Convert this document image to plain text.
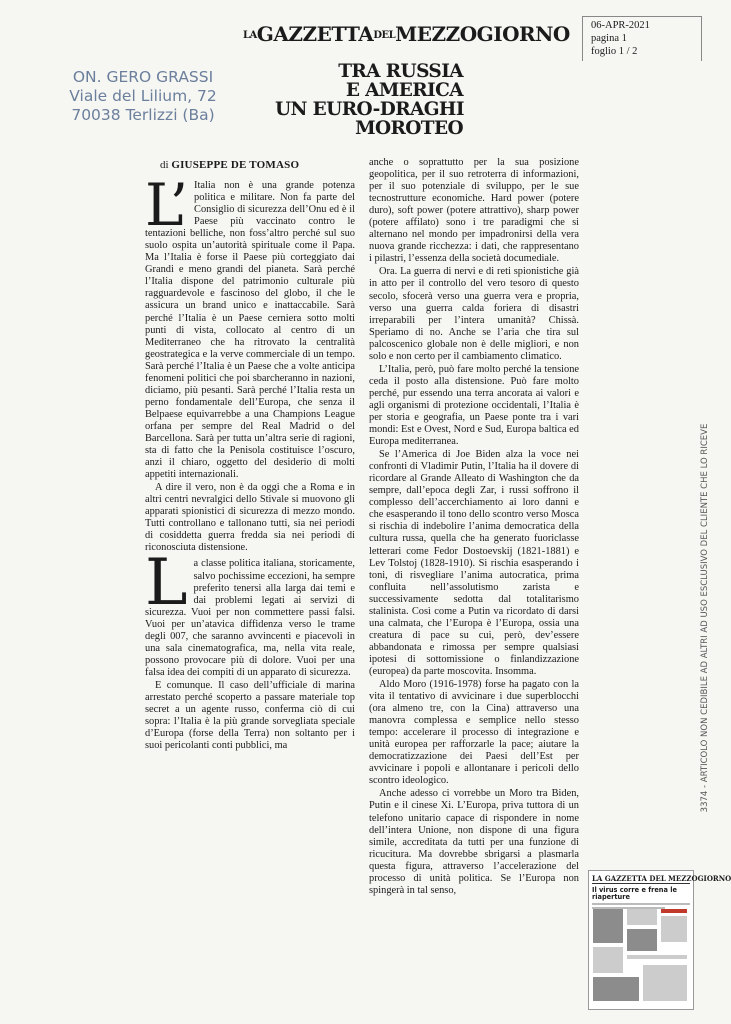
LAGAZZETTADELMEZZOGIORNO 06-APR-2021
pagina 1
foglio 1 / 2
ON. GERO GRASSI
Viale del Lilium, 72
70038 Terlizzi (Ba)
TRA RUSSIA
E AMERICA
UN EURO-DRAGHI
MOROTEO
di GIUSEPPE DE TOMASO

L’ Italia non è una grande potenza politica e militare. Non fa parte del Consiglio di sicurezza dell’Onu ed è il Paese più vaccinato contro le tentazioni belliche, non foss’altro perché sul suo suolo ospita un’autorità spirituale come il Papa. Ma l’Italia è forse il Paese più corteggiato dai Grandi e meno grandi del pianeta. Sarà perché l’Italia dispone del patrimonio culturale più ragguardevole e fascinoso del globo, il che le assicura un brand unico e inattaccabile. Sarà perché l’Italia è un Paese cerniera sotto molti punti di vista, collocato al centro di un Mediterraneo che ha ritrovato la centralità geostrategica e la verve commerciale di un tempo. Sarà perché l’Italia è un Paese che a volte anticipa fenomeni politici che poi sbarcheranno in nazioni, diciamo, più pesanti. Sarà perché l’Italia resta un perno fondamentale dell’Europa, che senza il Belpaese equivarrebbe a una Champions League orfana per sempre del Real Madrid o del Barcellona. Sarà per tutta un’altra serie di ragioni, sta di fatto che la Penisola costituisce l’oscuro, anzi il chiaro, oggetto del desiderio di molti appetiti internazionali.

A dire il vero, non è da oggi che a Roma e in altri centri nevralgici dello Stivale si muovono gli apparati spionistici di sicurezza di mezzo mondo. Tutti controllano e tallonano tutti, sia nei periodi di cosiddetta guerra fredda sia nei periodi di riconosciuta distensione.

La classe politica italiana, storicamente, salvo pochissime eccezioni, ha sempre preferito tenersi alla larga dai temi e dai problemi legati ai servizi di sicurezza. Vuoi per non commettere passi falsi. Vuoi per un’atavica diffidenza verso le trame degli 007, che saranno avvincenti e piacevoli in una sala cinematografica, ma, nella vita reale, possono provocare più di dolore. Vuoi per una falsa idea dei compiti di un apparato di sicurezza.

E comunque. Il caso dell’ufficiale di marina arrestato perché scoperto a passare materiale top secret a un agente russo, conferma ciò di cui sopra: l’Italia è la più grande sorvegliata speciale d’Europa (forse della Terra) non soltanto per i suoi pericolanti conti pubblici, ma

anche o soprattutto per la sua posizione geopolitica, per il suo retroterra di informazioni, per il suo potenziale di sviluppo, per le sue tecnostrutture economiche. Hard power (potere duro), soft power (potere attrattivo), sharp power (potere affilato) sono i tre paradigmi che si alternano nel mondo per impadronirsi della vera nuova grande ricchezza: i dati, che rappresentano i pilastri, l’essenza della società documediale.

Ora. La guerra di nervi e di reti spionistiche già in atto per il controllo del vero tesoro di questo secolo, sfocerà verso una guerra vera e propria, verso una guerra calda foriera di disastri irreparabili per l’intera umanità? Chissà. Speriamo di no. Anche se l’aria che tira sul palcoscenico globale non è delle migliori, e non solo e non certo per il cambiamento climatico.

L’Italia, però, può fare molto perché la tensione ceda il posto alla distensione. Può fare molto perché, pur essendo una terra ancorata ai valori e agli organismi di protezione occidentali, l’Italia è per storia e geografia, un Paese ponte tra i vari mondi: Est e Ovest, Nord e Sud, Europa baltica ed Europa mediterranea.

Se l’America di Joe Biden alza la voce nei confronti di Vladimir Putin, l’Italia ha il dovere di ricordare al Grande Alleato di Washington che da sempre, dall’epoca degli Zar, i russi soffrono il complesso dell’accerchiamento ai loro danni e che esasperando il tono dello scontro verso Mosca si rischia di indebolire l’anima democratica della cultura russa, quella che ha generato fuoriclasse letterari come Fedor Dostoevskij (1821-1881) e Lev Tolstoj (1828-1910). Si rischia esasperando i toni, di risvegliare l’anima autocratica, prima confluita nell’assolutismo zarista e successivamente sedotta dal totalitarismo stalinista. Così come a Putin va ricordato di darsi una calmata, che l’Europa è l’Europa, ossia una creatura di pace su cui, però, dev’essere abbandonata e rimossa per sempre qualsiasi ipotesi di sottomissione o finlandizzazione (europea) da parte moscovita. Insomma.

Aldo Moro (1916-1978) forse ha pagato con la vita il tentativo di avvicinare i due superblocchi (ora almeno tre, con la Cina) attraverso una manovra complessa e semplice nello stesso tempo: accelerare il processo di integrazione e unità europea per rafforzarle la pace; aiutare la democratizzazione dei Paesi dell’Est per avvicinare i popoli e allontanare i pericoli dello scontro ideologico.

Anche adesso ci vorrebbe un Moro tra Biden, Putin e il cinese Xi. L’Europa, priva tuttora di un telefono unitario capace di rispondere in nome dell’intera Unione, non dispone di una figura simile, accreditata da tutti per una funzione di ricucitura. Ma dovrebbe sbrigarsi a plasmarla questa figura, attraverso l’accelerazione del processo di unità politica. Se l’Europa non spingerà in tal senso,

3374 - ARTICOLO NON CEDIBILE AD ALTRI AD USO ESCLUSIVO DEL CLIENTE CHE LO RICEVE
LA GAZZETTA DEL MEZZOGIORNO
Il virus corre e frena le riaperture
